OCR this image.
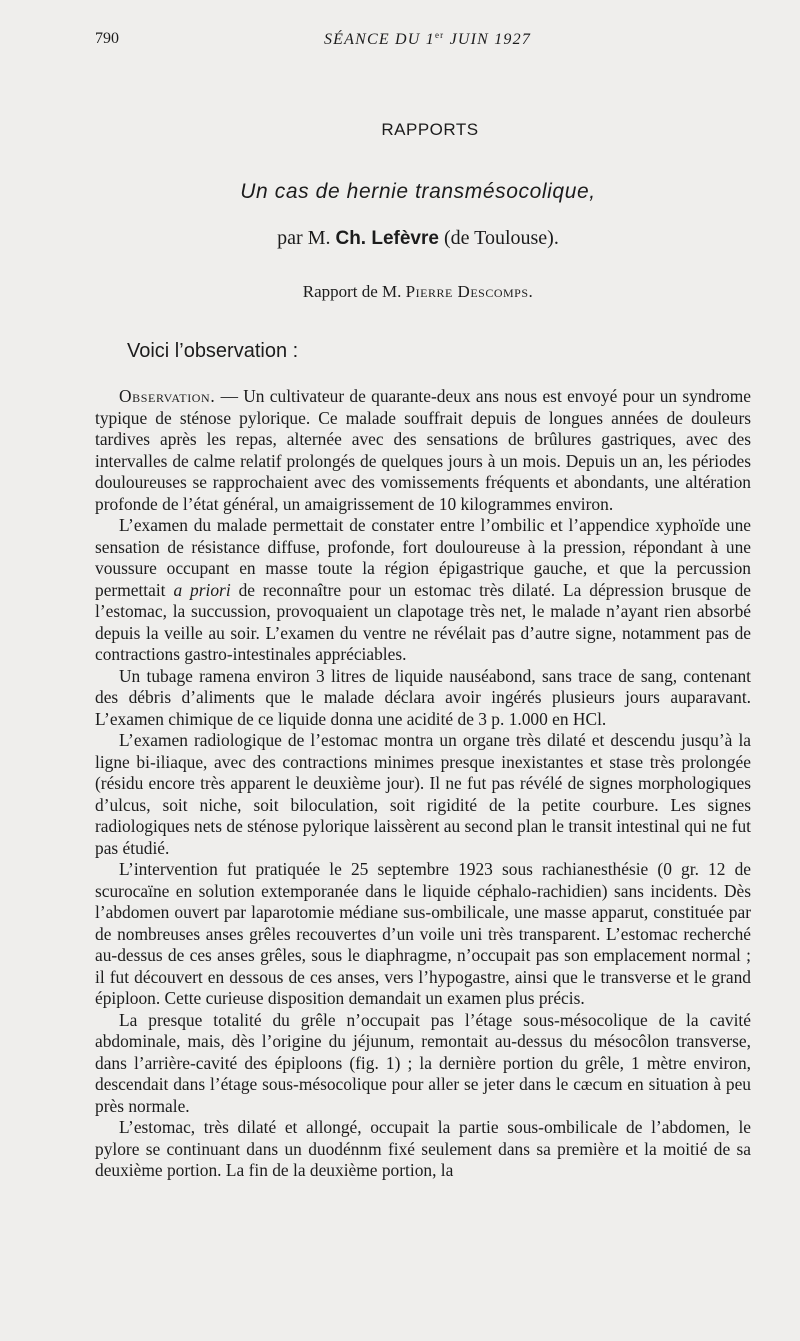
790	SÉANCE DU 1er JUIN 1927
RAPPORTS
Un cas de hernie transmésocolique,
par M. Ch. Lefèvre (de Toulouse).
Rapport de M. Pierre Descomps.
Voici l’observation :

Observation. — Un cultivateur de quarante-deux ans nous est envoyé pour un syndrome typique de sténose pylorique. Ce malade souffrait depuis de longues années de douleurs tardives après les repas, alternée avec des sensations de brûlures gastriques, avec des intervalles de calme relatif prolongés de quelques jours à un mois. Depuis un an, les périodes douloureuses se rapprochaient avec des vomissements fréquents et abondants, une altération profonde de l’état général, un amaigrissement de 10 kilogrammes environ.

L’examen du malade permettait de constater entre l’ombilic et l’appendice xyphoïde une sensation de résistance diffuse, profonde, fort douloureuse à la pression, répondant à une voussure occupant en masse toute la région épigastrique gauche, et que la percussion permettait a priori de reconnaître pour un estomac très dilaté. La dépression brusque de l’estomac, la succussion, provoquaient un clapotage très net, le malade n’ayant rien absorbé depuis la veille au soir. L’examen du ventre ne révélait pas d’autre signe, notamment pas de contractions gastro-intestinales appréciables.

Un tubage ramena environ 3 litres de liquide nauséabond, sans trace de sang, contenant des débris d’aliments que le malade déclara avoir ingérés plusieurs jours auparavant. L’examen chimique de ce liquide donna une acidité de 3 p. 1.000 en HCl.

L’examen radiologique de l’estomac montra un organe très dilaté et descendu jusqu’à la ligne bi-iliaque, avec des contractions minimes presque inexistantes et stase très prolongée (résidu encore très apparent le deuxième jour). Il ne fut pas révélé de signes morphologiques d’ulcus, soit niche, soit biloculation, soit rigidité de la petite courbure. Les signes radiologiques nets de sténose pylorique laissèrent au second plan le transit intestinal qui ne fut pas étudié.

L’intervention fut pratiquée le 25 septembre 1923 sous rachianesthésie (0 gr. 12 de scurocaïne en solution extemporanée dans le liquide céphalo-rachidien) sans incidents. Dès l’abdomen ouvert par laparotomie médiane sus-ombilicale, une masse apparut, constituée par de nombreuses anses grêles recouvertes d’un voile uni très transparent. L’estomac recherché au-dessus de ces anses grêles, sous le diaphragme, n’occupait pas son emplacement normal ; il fut découvert en dessous de ces anses, vers l’hypogastre, ainsi que le transverse et le grand épiploon. Cette curieuse disposition demandait un examen plus précis.

La presque totalité du grêle n’occupait pas l’étage sous-mésocolique de la cavité abdominale, mais, dès l’origine du jéjunum, remontait au-dessus du mésocôlon transverse, dans l’arrière-cavité des épiploons (fig. 1) ; la dernière portion du grêle, 1 mètre environ, descendait dans l’étage sous-mésocolique pour aller se jeter dans le cæcum en situation à peu près normale.

L’estomac, très dilaté et allongé, occupait la partie sous-ombilicale de l’abdomen, le pylore se continuant dans un duodénnm fixé seulement dans sa première et la moitié de sa deuxième portion. La fin de la deuxième portion, la
